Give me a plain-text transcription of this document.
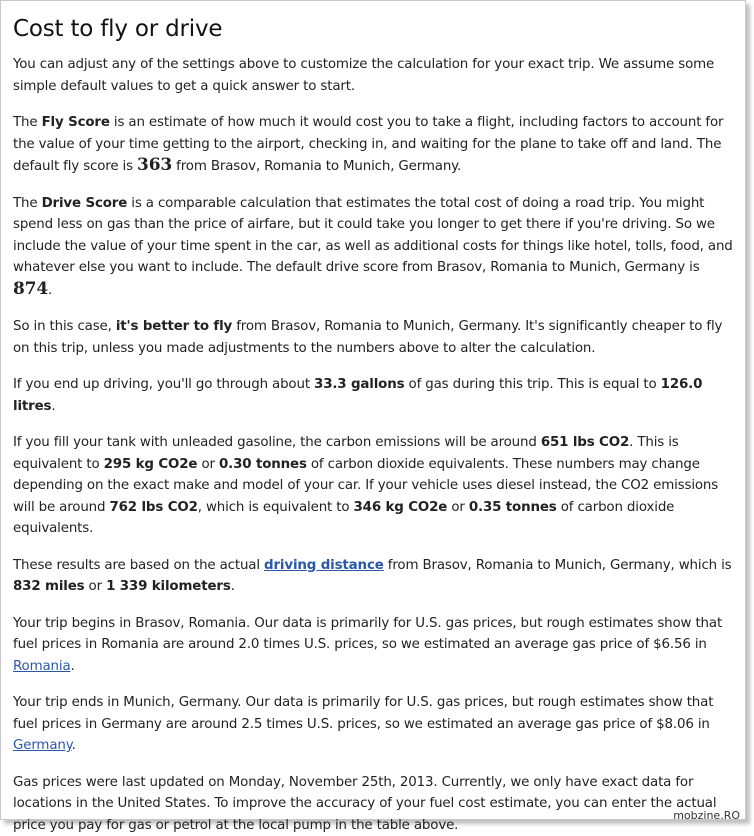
Cost to fly or drive

You can adjust any of the settings above to customize the calculation for your exact trip. We assume some simple default values to get a quick answer to start.

The Fly Score is an estimate of how much it would cost you to take a flight, including factors to account for the value of your time getting to the airport, checking in, and waiting for the plane to take off and land. The default fly score is 363 from Brasov, Romania to Munich, Germany.

The Drive Score is a comparable calculation that estimates the total cost of doing a road trip. You might spend less on gas than the price of airfare, but it could take you longer to get there if you're driving. So we include the value of your time spent in the car, as well as additional costs for things like hotel, tolls, food, and whatever else you want to include. The default drive score from Brasov, Romania to Munich, Germany is 874.

So in this case, it's better to fly from Brasov, Romania to Munich, Germany. It's significantly cheaper to fly on this trip, unless you made adjustments to the numbers above to alter the calculation.

If you end up driving, you'll go through about 33.3 gallons of gas during this trip. This is equal to 126.0 litres.

If you fill your tank with unleaded gasoline, the carbon emissions will be around 651 lbs CO2. This is equivalent to 295 kg CO2e or 0.30 tonnes of carbon dioxide equivalents. These numbers may change depending on the exact make and model of your car. If your vehicle uses diesel instead, the CO2 emissions will be around 762 lbs CO2, which is equivalent to 346 kg CO2e or 0.35 tonnes of carbon dioxide equivalents.

These results are based on the actual driving distance from Brasov, Romania to Munich, Germany, which is 832 miles or 1 339 kilometers.

Your trip begins in Brasov, Romania. Our data is primarily for U.S. gas prices, but rough estimates show that fuel prices in Romania are around 2.0 times U.S. prices, so we estimated an average gas price of $6.56 in Romania.

Your trip ends in Munich, Germany. Our data is primarily for U.S. gas prices, but rough estimates show that fuel prices in Germany are around 2.5 times U.S. prices, so we estimated an average gas price of $8.06 in Germany.

Gas prices were last updated on Monday, November 25th, 2013. Currently, we only have exact data for locations in the United States. To improve the accuracy of your fuel cost estimate, you can enter the actual price you pay for gas or petrol at the local pump in the table above.

mobzine.RO
